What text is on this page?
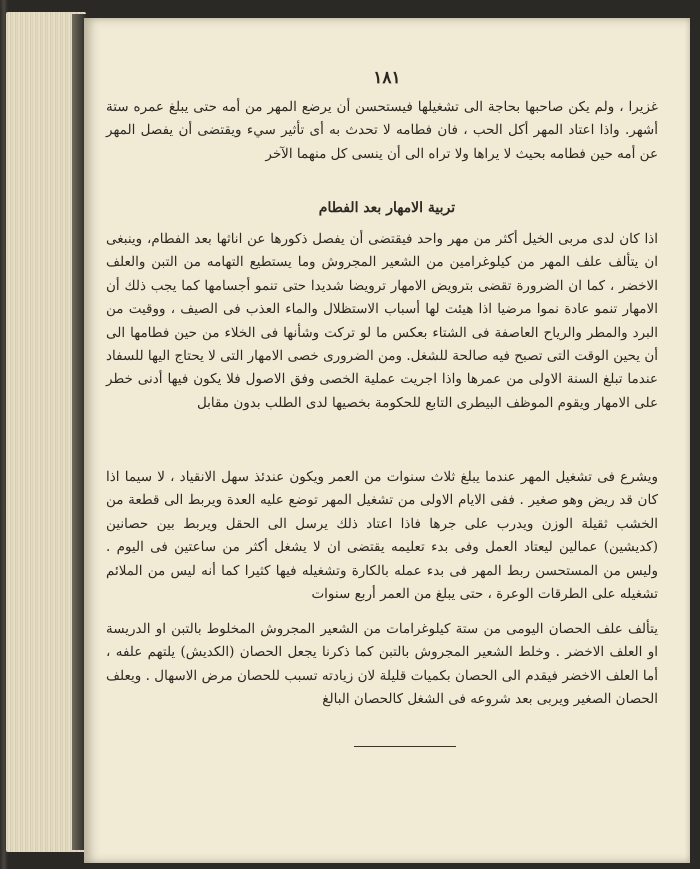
١٨١

غزيرا ، ولم يكن صاحبها بحاجة الى تشغيلها فيستحسن أن يرضع المهر من أمه حتى يبلغ عمره ستة أشهر. واذا اعتاد المهر أكل الحب ، فان فطامه لا تحدث به أى تأثير سيء ويقتضى أن يفصل المهر عن أمه حين فطامه بحيث لا يراها ولا تراه الى أن ينسى كل منهما الآخر

تربية الامهار بعد الفطام

اذا كان لدى مربى الخيل أكثر من مهر واحد فيقتضى أن يفصل ذكورها عن اناثها بعد الفطام، وينبغى ان يتألف علف المهر من كيلوغرامين من الشعير المجروش وما يستطيع التهامه من التبن والعلف الاخضر ، كما ان الضرورة تقضى بترويض الامهار ترويضا شديدا حتى تنمو أجسامها كما يجب ذلك أن الامهار تنمو عادة نموا مرضيا اذا هيئت لها أسباب الاستظلال والماء العذب فى الصيف ، ووقيت من البرد والمطر والرياح العاصفة فى الشتاء بعكس ما لو تركت وشأنها فى الخلاء من حين فطامها الى أن يحين الوقت التى تصبح فيه صالحة للشغل. ومن الضرورى خصى الامهار التى لا يحتاج اليها للسفاد عندما تبلغ السنة الاولى من عمرها واذا اجريت عملية الخصى وفق الاصول فلا يكون فيها أدنى خطر على الامهار ويقوم الموظف البيطرى التابع للحكومة بخصيها لدى الطلب بدون مقابل

ويشرع فى تشغيل المهر عندما يبلغ ثلاث سنوات من العمر ويكون عندئذ سهل الانقياد ، لا سيما اذا كان قد ريض وهو صغير . ففى الايام الاولى من تشغيل المهر توضع عليه العدة ويربط الى قطعة من الخشب ثقيلة الوزن ويدرب على جرها فاذا اعتاد ذلك يرسل الى الحقل ويربط بين حصانين (كديشين) عمالين ليعتاد العمل وفى بدء تعليمه يقتضى ان لا يشغل أكثر من ساعتين فى اليوم . وليس من المستحسن ربط المهر فى بدء عمله بالكارة وتشغيله فيها كثيرا كما أنه ليس من الملائم تشغيله على الطرقات الوعرة ، حتى يبلغ من العمر أربع سنوات

يتألف علف الحصان اليومى من ستة كيلوغرامات من الشعير المجروش المخلوط بالتبن او الدريسة او العلف الاخضر . وخلط الشعير المجروش بالتبن كما ذكرنا يجعل الحصان (الكديش) يلتهم علفه ، أما العلف الاخضر فيقدم الى الحصان بكميات قليلة لان زيادته تسبب للحصان مرض الاسهال . ويعلف الحصان الصغير ويربى بعد شروعه فى الشغل كالحصان البالغ
